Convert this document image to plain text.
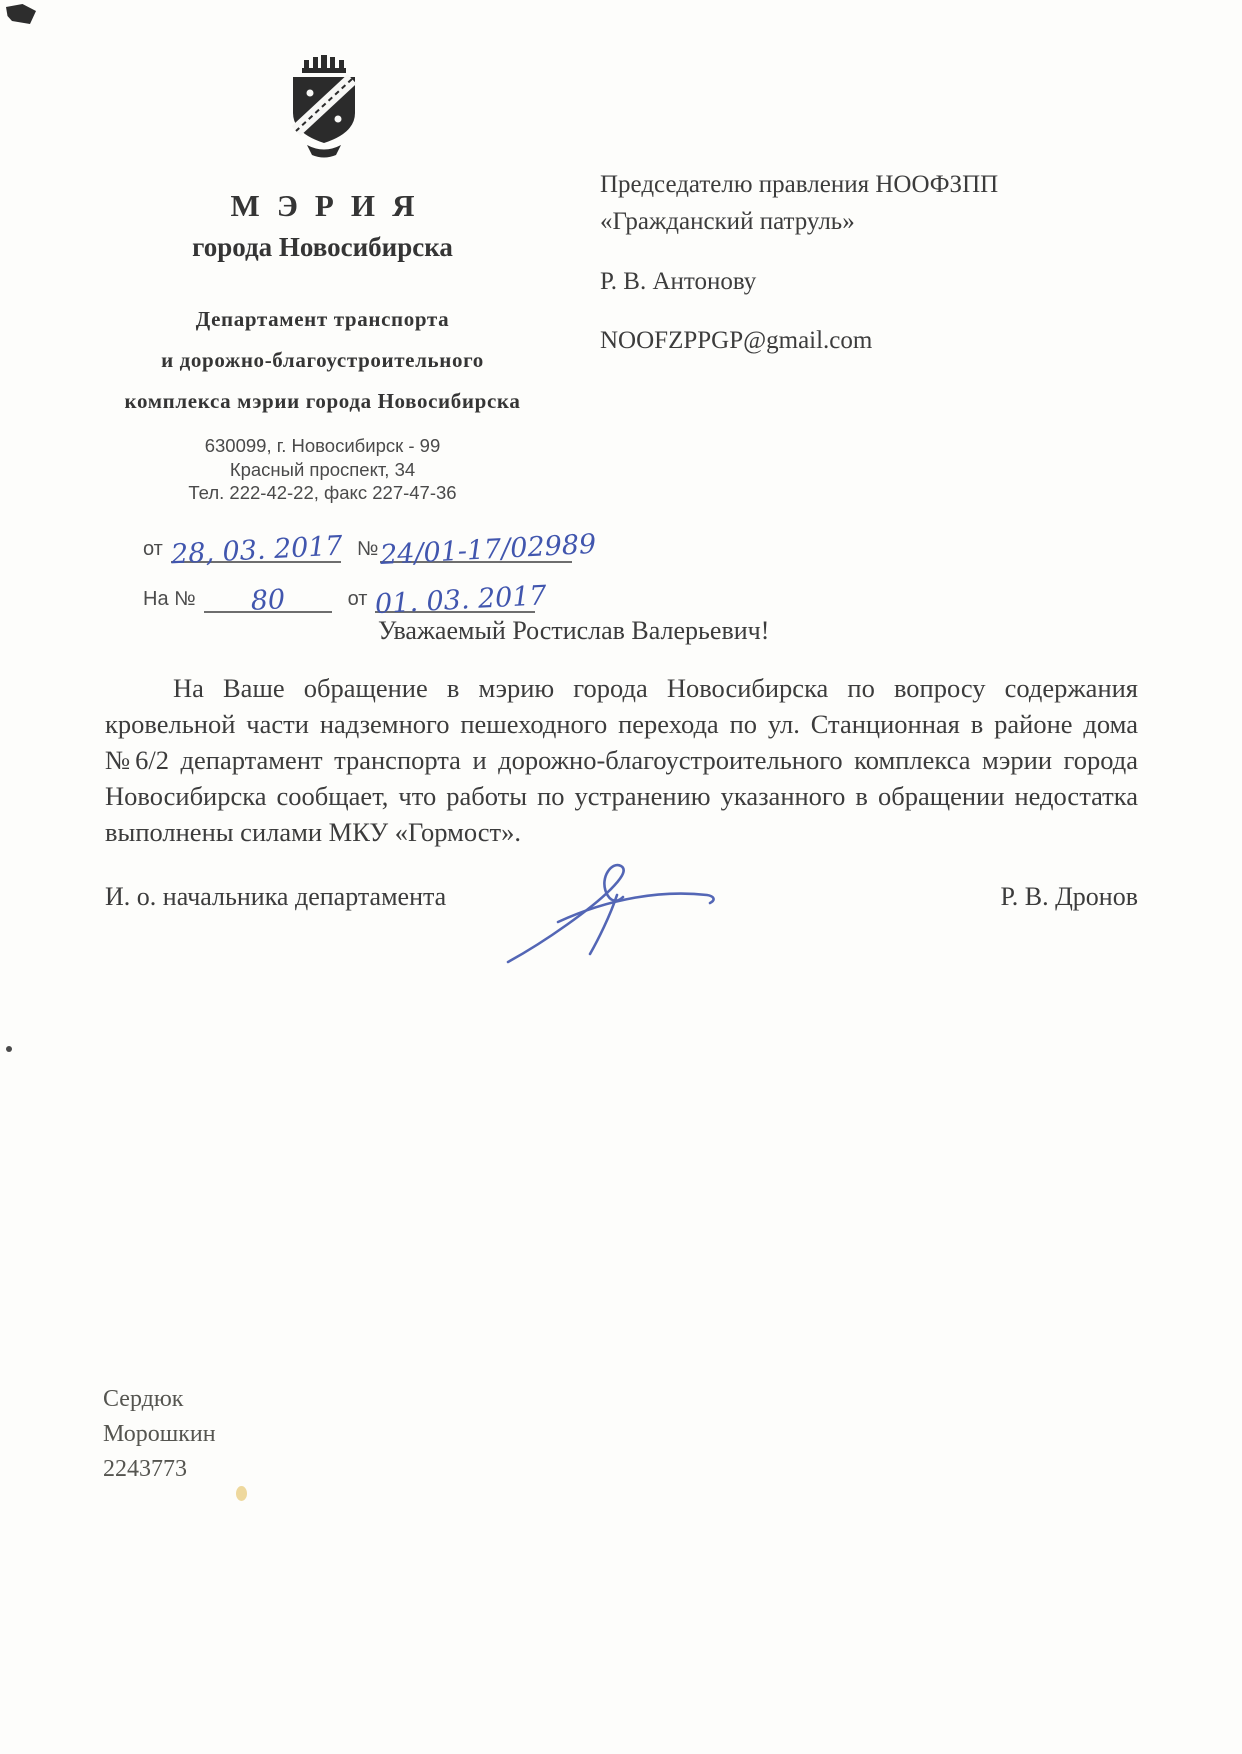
МЭРИЯ
города Новосибирска
Департамент транспорта
и дорожно-благоустроительного
комплекса мэрии города Новосибирска
630099, г. Новосибирск - 99
Красный проспект, 34
Тел. 222-42-22, факс 227-47-36
от 28, 03. 2017 № 24/01-17/02989
На №	80	от 01. 03. 2017
Председателю правления НООФЗПП
«Гражданский патруль»
Р. В. Антонову
NOOFZPPGP@gmail.com
Уважаемый Ростислав Валерьевич!

На Ваше обращение в мэрию города Новосибирска по вопросу содержания кровельной части надземного пешеходного перехода по ул. Станционная в районе дома №6/2 департамент транспорта и дорожно-благоустроительного комплекса мэрии города Новосибирска сообщает, что работы по устранению указанного в обращении недостатка выполнены силами МКУ «Гормост».

И. о. начальника департамента	Р. В. Дронов
Сердюк
Морошкин
2243773
